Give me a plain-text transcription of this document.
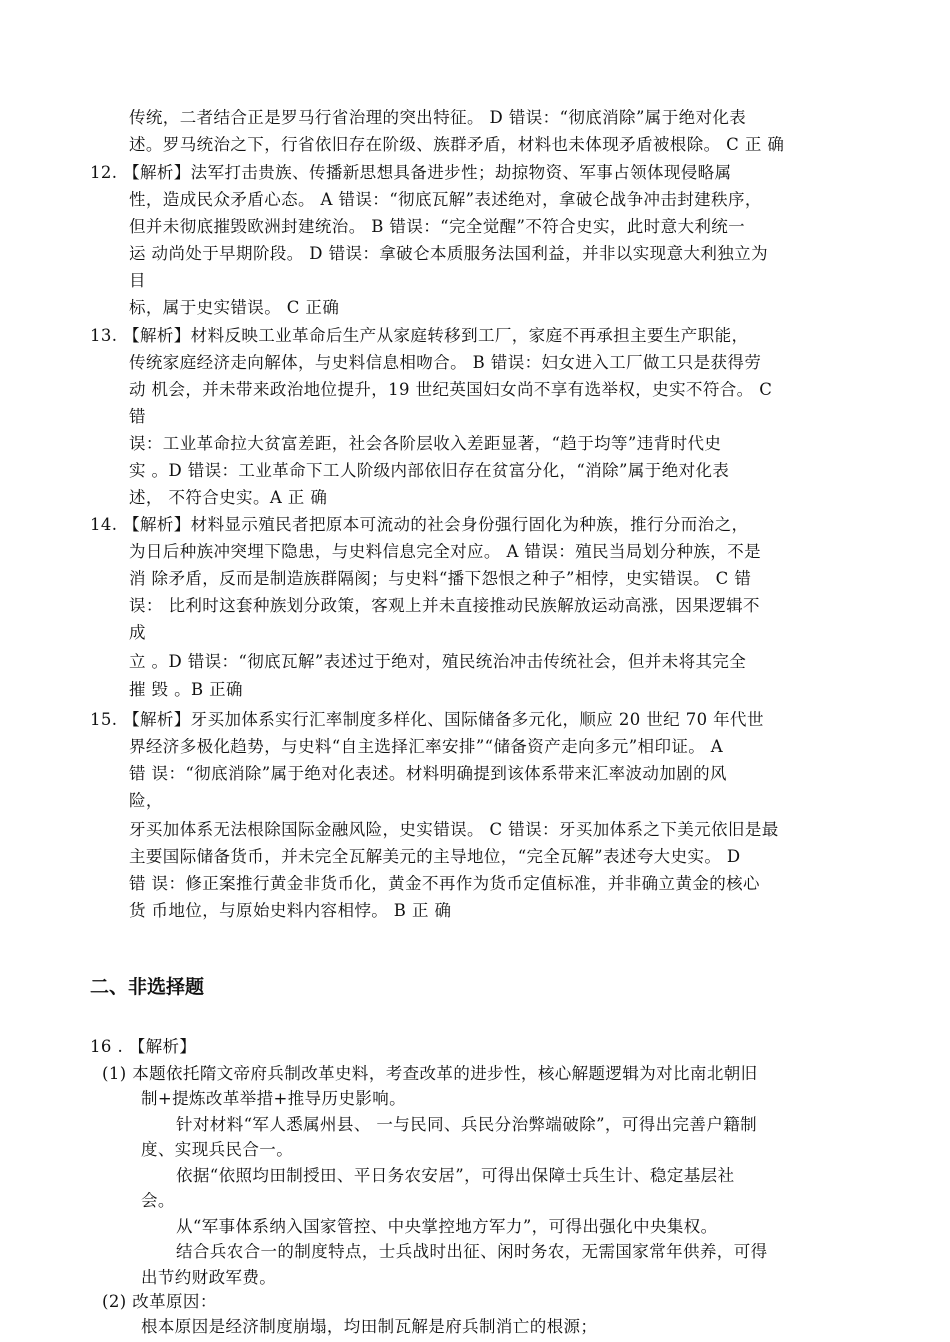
传统，二者结合正是罗马行省治理的突出特征。 D 错误：“彻底消除”属于绝对化表
述。罗马统治之下，行省依旧存在阶级、族群矛盾，材料也未体现矛盾被根除。 C 正 确
12. 【解析】法军打击贵族、传播新思想具备进步性；劫掠物资、军事占领体现侵略属
性，造成民众矛盾心态。 A 错误：“彻底瓦解”表述绝对，拿破仑战争冲击封建秩序，
但并未彻底摧毁欧洲封建统治。 B 错误：“完全觉醒”不符合史实，此时意大利统一
运 动尚处于早期阶段。 D 错误：拿破仑本质服务法国利益，并非以实现意大利独立为
目
标，属于史实错误。 C 正确
13. 【解析】材料反映工业革命后生产从家庭转移到工厂，家庭不再承担主要生产职能，
传统家庭经济走向解体，与史料信息相吻合。 B 错误：妇女进入工厂做工只是获得劳
动 机会，并未带来政治地位提升，19 世纪英国妇女尚不享有选举权，史实不符合。 C
错
误：工业革命拉大贫富差距，社会各阶层收入差距显著，“趋于均等”违背时代史
实 。D 错误：工业革命下工人阶级内部依旧存在贫富分化，“消除”属于绝对化表
述， 不符合史实。A 正 确
14. 【解析】材料显示殖民者把原本可流动的社会身份强行固化为种族，推行分而治之，
为日后种族冲突埋下隐患，与史料信息完全对应。 A 错误：殖民当局划分种族，不是
消 除矛盾，反而是制造族群隔阂；与史料“播下怨恨之种子”相悖，史实错误。 C 错
误： 比利时这套种族划分政策，客观上并未直接推动民族解放运动高涨，因果逻辑不
成
立 。D 错误：“彻底瓦解”表述过于绝对，殖民统治冲击传统社会，但并未将其完全
摧 毁 。B 正确
15. 【解析】牙买加体系实行汇率制度多样化、国际储备多元化，顺应 20 世纪 70 年代世
界经济多极化趋势，与史料“自主选择汇率安排”“储备资产走向多元”相印证。 A
错 误：“彻底消除”属于绝对化表述。材料明确提到该体系带来汇率波动加剧的风
险，
牙买加体系无法根除国际金融风险，史实错误。 C 错误：牙买加体系之下美元依旧是最
主要国际储备货币，并未完全瓦解美元的主导地位，“完全瓦解”表述夸大史实。 D
错 误：修正案推行黄金非货币化，黄金不再作为货币定值标准，并非确立黄金的核心
货 币地位，与原始史料内容相悖。 B 正 确
二、非选择题
16 . 【解析】
(1) 本题依托隋文帝府兵制改革史料，考查改革的进步性，核心解题逻辑为对比南北朝旧
制+提炼改革举措+推导历史影响。
针对材料“军人悉属州县、 一与民同、兵民分治弊端破除”，可得出完善户籍制
度、实现兵民合一。
依据“依照均田制授田、平日务农安居”，可得出保障士兵生计、稳定基层社
会。
从“军事体系纳入国家管控、中央掌控地方军力”，可得出强化中央集权。
结合兵农合一的制度特点，士兵战时出征、闲时务农，无需国家常年供养，可得
出节约财政军费。
(2) 改革原因：
根本原因是经济制度崩塌，均田制瓦解是府兵制消亡的根源；
